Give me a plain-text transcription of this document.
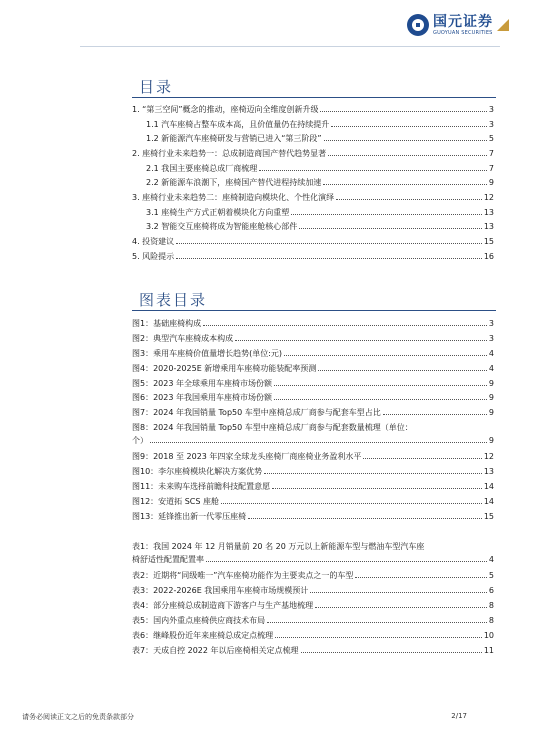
国元证券
GUOYUAN SECURITIES
目录
1. “第三空间”概念的推动，座椅迈向全维度创新升级	3
1.1 汽车座椅占整车成本高，且价值量仍在持续提升	3
1.2 新能源汽车座椅研发与营销已进入“第三阶段”	5
2. 座椅行业未来趋势一：总成制造商国产替代趋势显著	7
2.1 我国主要座椅总成厂商梳理	7
2.2 新能源车浪潮下，座椅国产替代进程持续加速	9
3. 座椅行业未来趋势二：座椅制造向模块化、个性化演绎	12
3.1 座椅生产方式正朝着模块化方向重塑	13
3.2 智能交互座椅将成为智能座舱核心部件	13
4. 投资建议	15
5. 风险提示	16
图表目录
图1：基础座椅构成	3
图2：典型汽车座椅成本构成	3
图3：乘用车座椅价值量增长趋势(单位:元)	4
图4：2020-2025E 新增乘用车座椅功能装配率预测	4
图5：2023 年全球乘用车座椅市场份额	9
图6：2023 年我国乘用车座椅市场份额	9
图7：2024 年我国销量 Top50 车型中座椅总成厂商参与配套车型占比	9
图8：2024 年我国销量 Top50 车型中座椅总成厂商参与配套数量梳理（单位：
个）	9
图9：2018 至 2023 年四家全球龙头座椅厂商座椅业务盈利水平	12
图10：李尔座椅模块化解决方案优势	13
图11：未来购车选择前瞻科技配置意愿	14
图12：安道拓 SCS 座舱	14
图13：延锋推出新一代零压座椅	15
表1：我国 2024 年 12 月销量前 20 名 20 万元以上新能源车型与燃油车型汽车座
椅舒适性配置配置率	4
表2：近期将“同级唯一”汽车座椅功能作为主要卖点之一的车型	5
表3：2022-2026E 我国乘用车座椅市场规模预计	6
表4：部分座椅总成制造商下游客户与生产基地梳理	8
表5：国内外重点座椅供应商技术布局	8
表6：继峰股份近年来座椅总成定点梳理	10
表7：天成自控 2022 年以后座椅相关定点梳理	11
请务必阅读正文之后的免责条款部分	2/17
